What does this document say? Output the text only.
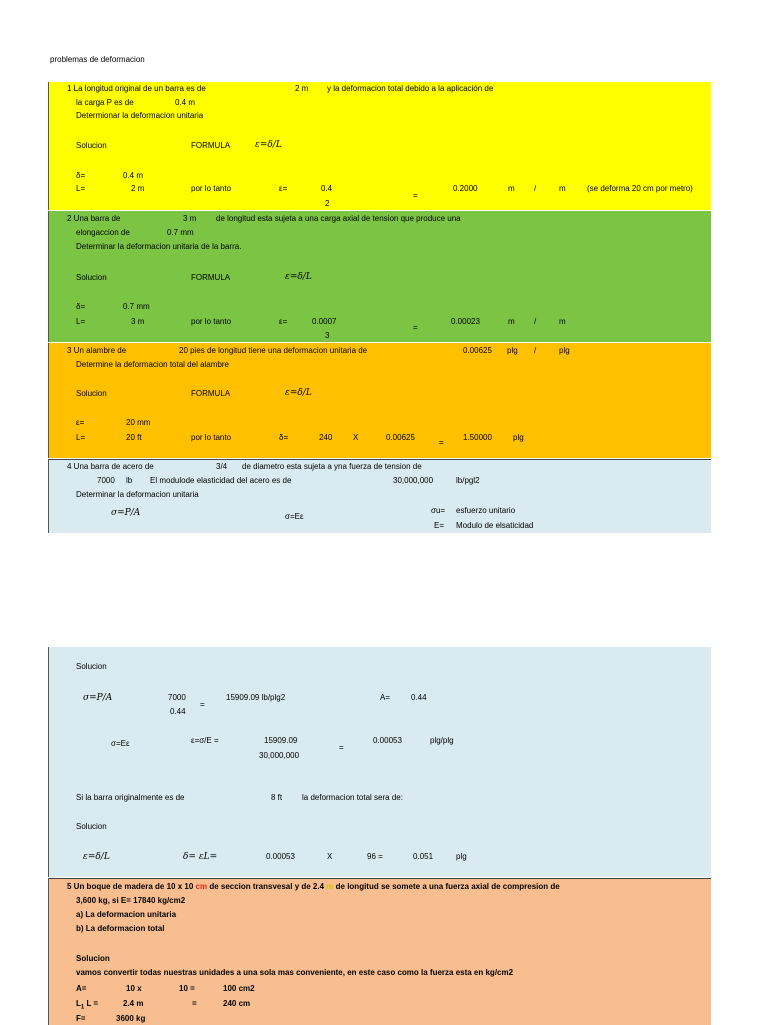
problemas de deformacion
1 La longitud original de un barra es de	2 m y la deformacion total debido a la aplicación de
la carga P es de	0.4 m
Determionar la deformacion unitaria
Solucion	FORMULA	ε=δ/L
δ=	0.4 m
L=	2 m	por lo tanto	ε=	0.4
2
=
0.2000	m /	m	(se deforma 20 cm por metro)
2 Una barra de	3 m de longitud esta sujeta a una carga axial de tension que produce una
elongaccion de	0.7 mm
Determinar la deformacion unitaria de la barra.
Solucion	FORMULA	ε=δ/L
δ=	0.7 mm
L=	3 m	por lo tanto	ε=	0.0007
3
=
0.00023	m /	m
3 Un alambre de	20 pies de longitud tiene una deformacion unitaria de	0.00625 plg /	plg
Determine la deformacion total del alambre
Solucion	FORMULA	ε=δ/L
ε=	20 mm
L=	20 ft	por lo tanto	δ=	240	X	0.00625
=
1.50000	plg
4 Una barra de acero de	3/4 de diametro esta sujeta a yna fuerza de tension de
7000 lb El modulode elasticidad del acero es de	30,000,000	lb/pgl2
Determinar la deformacion unitaria
σ=P/A	σ=Eε
σu= esfuerzo unitario
E= Modulo de elsaticidad
Solucion
σ=P/A	7000
0.44
=
15909.09 lb/plg2	A=	0.44
σ=Eε	ε=σ/E =	15909.09
30,000,000
=
0.00053	plg/plg
Si la barra originalmente es de	8 ft la deformacion total sera de:
Solucion
ε=δ/L	δ= εL=	0.00053	X	96 =	0.051	plg
5 Un boque de madera de 10 x 10 cm de seccion transvesal y de 2.4 m de longitud se somete a una fuerza axial de compresion de
3,600 kg, si E= 17840 kg/cm2
a) La deformacion unitaria
b) La deformacion total
Solucion
vamos convertir todas nuestras unidades a una sola mas conveniente, en este caso como la fuerza esta en kg/cm2
A=	10 x	10 =	100 cm2
$L_1$ L =	2.4 m	=	240 cm
F=	3600 kg
